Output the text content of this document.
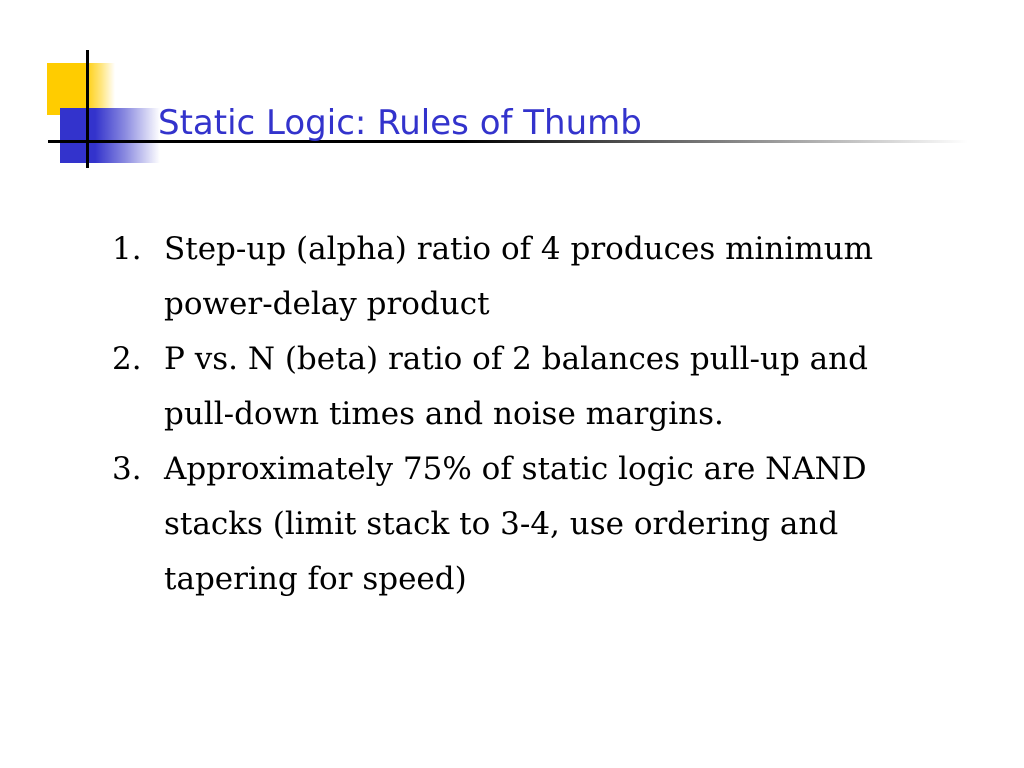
Static Logic: Rules of Thumb
1. Step-up (alpha) ratio of 4 produces minimum power-delay product
2. P vs. N (beta) ratio of 2 balances pull-up and pull-down times and noise margins.
3. Approximately 75% of static logic are NAND stacks (limit stack to 3-4, use ordering and tapering for speed)
